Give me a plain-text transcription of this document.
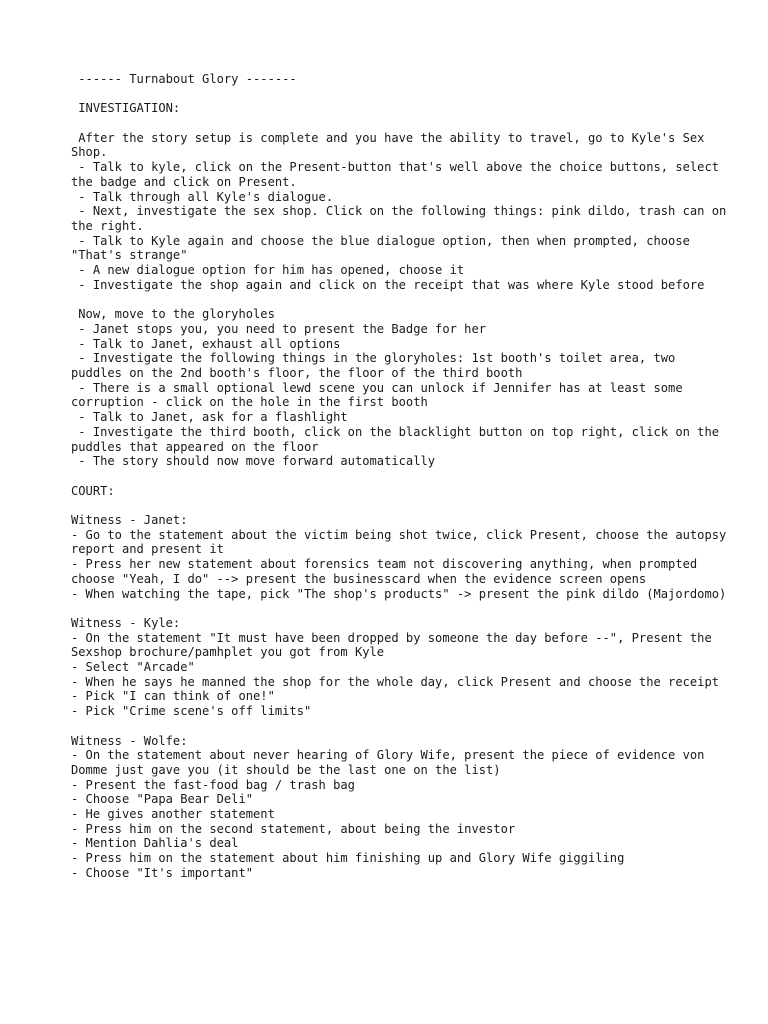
------ Turnabout Glory -------
INVESTIGATION:
After the story setup is complete and you have the ability to travel, go to Kyle's Sex Shop.
- Talk to kyle, click on the Present-button that's well above the choice buttons, select the badge and click on Present.
- Talk through all Kyle's dialogue.
- Next, investigate the sex shop. Click on the following things: pink dildo, trash can on the right.
- Talk to Kyle again and choose the blue dialogue option, then when prompted, choose "That's strange"
- A new dialogue option for him has opened, choose it
- Investigate the shop again and click on the receipt that was where Kyle stood before
Now, move to the gloryholes
- Janet stops you, you need to present the Badge for her
- Talk to Janet, exhaust all options
- Investigate the following things in the gloryholes: 1st booth's toilet area, two puddles on the 2nd booth's floor, the floor of the third booth
- There is a small optional lewd scene you can unlock if Jennifer has at least some corruption - click on the hole in the first booth
- Talk to Janet, ask for a flashlight
- Investigate the third booth, click on the blacklight button on top right, click on the puddles that appeared on the floor
- The story should now move forward automatically
COURT:
Witness - Janet:
- Go to the statement about the victim being shot twice, click Present, choose the autopsy report and present it
- Press her new statement about forensics team not discovering anything, when prompted choose "Yeah, I do" --> present the businesscard when the evidence screen opens
- When watching the tape, pick "The shop's products" -> present the pink dildo (Majordomo)
Witness - Kyle:
- On the statement "It must have been dropped by someone the day before --", Present the Sexshop brochure/pamhplet you got from Kyle
- Select "Arcade"
- When he says he manned the shop for the whole day, click Present and choose the receipt
- Pick "I can think of one!"
- Pick "Crime scene's off limits"
Witness - Wolfe:
- On the statement about never hearing of Glory Wife, present the piece of evidence von Domme just gave you (it should be the last one on the list)
- Present the fast-food bag / trash bag
- Choose "Papa Bear Deli"
- He gives another statement
- Press him on the second statement, about being the investor
- Mention Dahlia's deal
- Press him on the statement about him finishing up and Glory Wife giggiling
- Choose "It's important"
